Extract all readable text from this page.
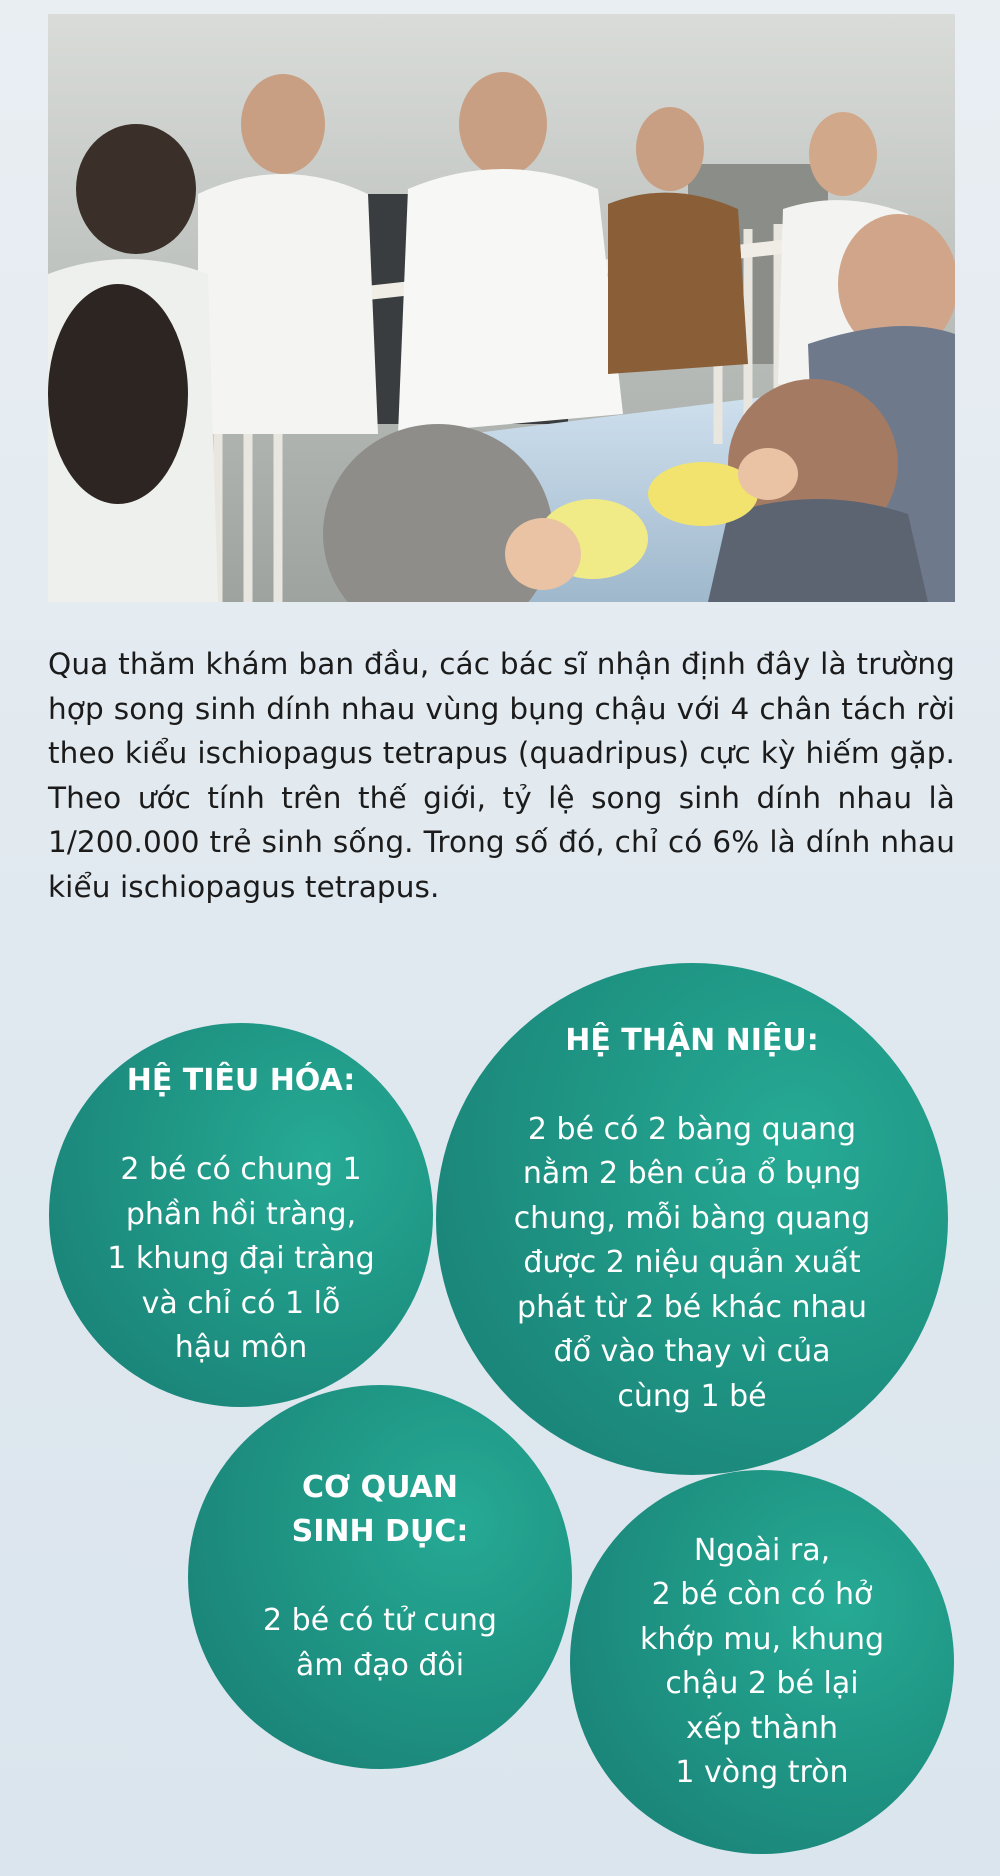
Qua thăm khám ban đầu, các bác sĩ nhận định đây là trường hợp song sinh dính nhau vùng bụng chậu với 4 chân tách rời theo kiểu ischiopagus tetrapus (quadripus) cực kỳ hiếm gặp. Theo ước tính trên thế giới, tỷ lệ song sinh dính nhau là 1/200.000 trẻ sinh sống. Trong số đó, chỉ có 6% là dính nhau kiểu ischiopagus tetrapus.

HỆ TIÊU HÓA:

2 bé có chung 1
phần hồi tràng,
1 khung đại tràng
và chỉ có 1 lỗ
hậu môn

HỆ THẬN NIỆU:

2 bé có 2 bàng quang
nằm 2 bên của ổ bụng
chung, mỗi bàng quang
được 2 niệu quản xuất
phát từ 2 bé khác nhau
đổ vào thay vì của
cùng 1 bé

CƠ QUAN
SINH DỤC:

2 bé có tử cung
âm đạo đôi

Ngoài ra,
2 bé còn có hở
khớp mu, khung
chậu 2 bé lại
xếp thành
1 vòng tròn
